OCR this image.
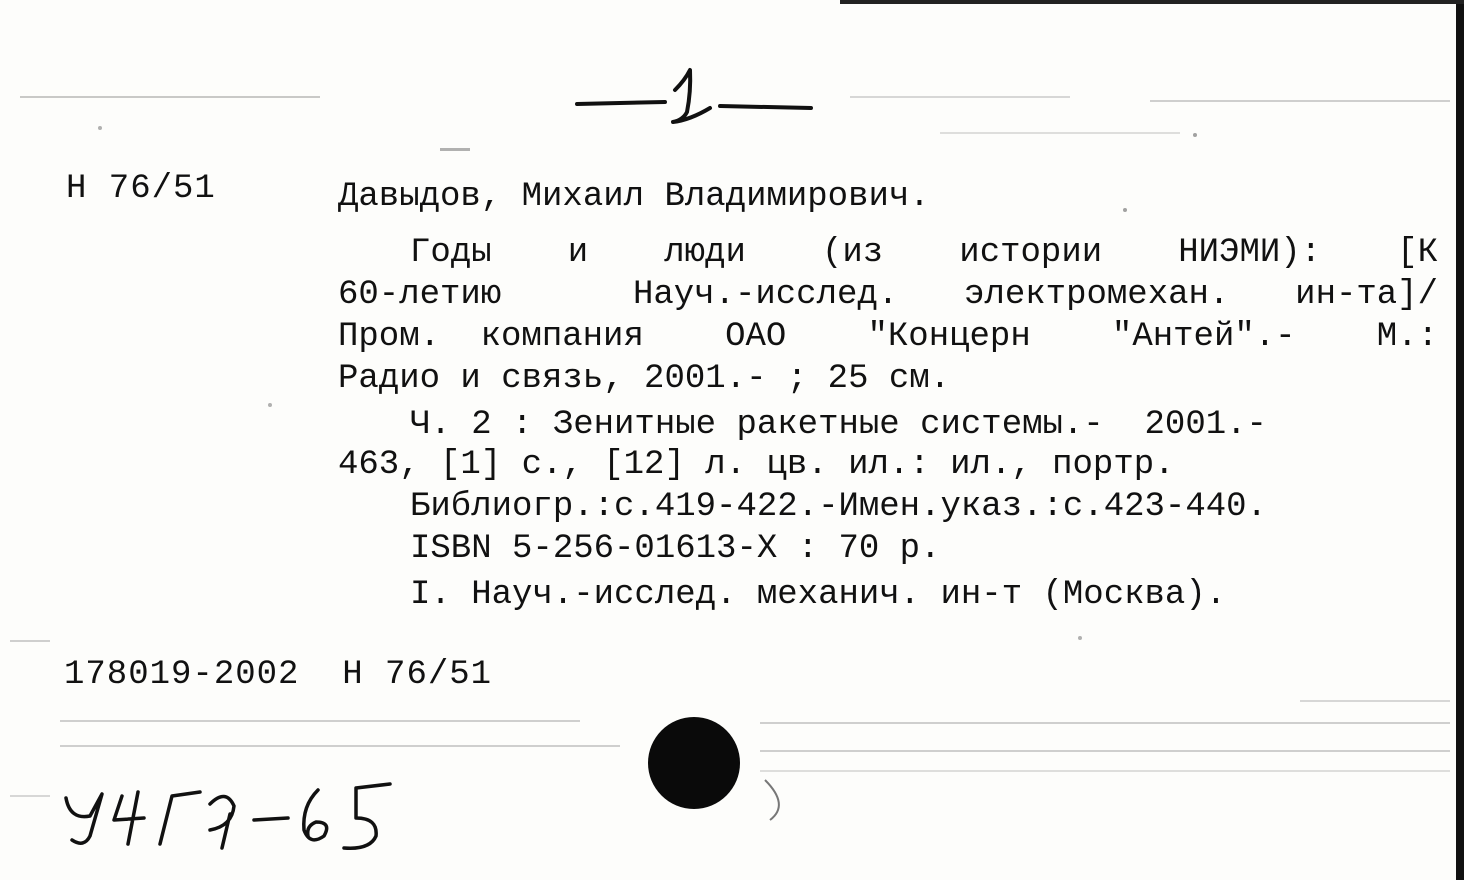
Н 76/51	Давыдов, Михаил Владимирович.
Годы  и  люди  (из  истории  НИЭМИ):  [К
60-летию  Науч.-исслед. электромехан. ин-та]/
Пром. компания  ОАО  "Концерн  "Антей".-  М.:
Радио и связь, 2001.- ; 25 см.
Ч. 2 : Зенитные ракетные системы.-  2001.-
463, [1] с., [12] л. цв. ил.: ил., портр.
Библиогр.:с.419-422.-Имен.указ.:с.423-440.
ISBN 5-256-01613-X : 70 р.
I. Науч.-исслед. механич. ин-т (Москва).
178019-2002  Н 76/51
